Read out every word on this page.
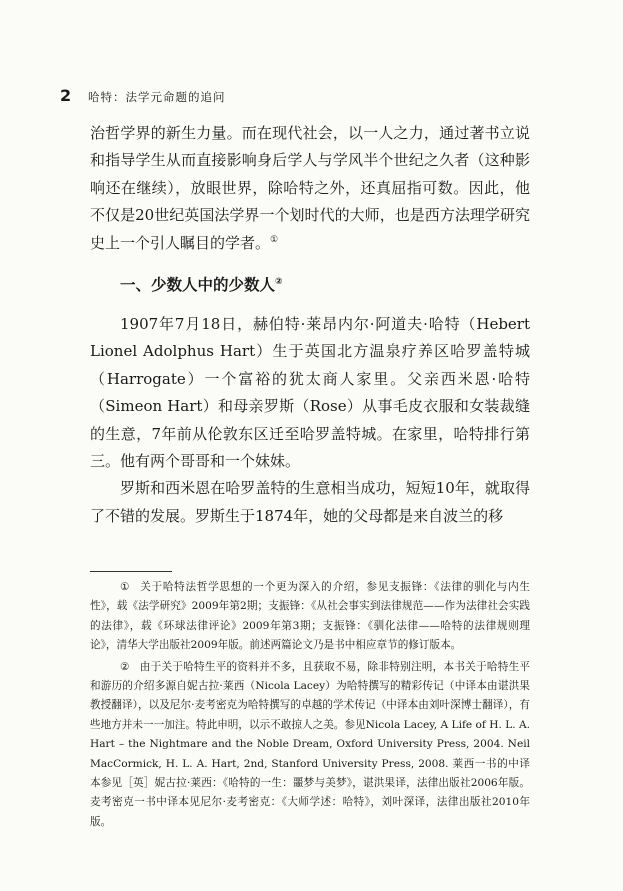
2	哈特：法学元命题的追问

治哲学界的新生力量。而在现代社会，以一人之力，通过著书立说和指导学生从而直接影响身后学人与学风半个世纪之久者（这种影响还在继续），放眼世界，除哈特之外，还真屈指可数。因此，他不仅是20世纪英国法学界一个划时代的大师，也是西方法理学研究史上一个引人瞩目的学者。①

一、少数人中的少数人②

1907年7月18日，赫伯特·莱昂内尔·阿道夫·哈特（Hebert Lionel Adolphus Hart）生于英国北方温泉疗养区哈罗盖特城（Harrogate）一个富裕的犹太商人家里。父亲西米恩·哈特（Simeon Hart）和母亲罗斯（Rose）从事毛皮衣服和女装裁缝的生意，7年前从伦敦东区迁至哈罗盖特城。在家里，哈特排行第三。他有两个哥哥和一个妹妹。

罗斯和西米恩在哈罗盖特的生意相当成功，短短10年，就取得了不错的发展。罗斯生于1874年，她的父母都是来自波兰的移

① 关于哈特法哲学思想的一个更为深入的介绍，参见支振锋：《法律的驯化与内生性》，载《法学研究》2009年第2期；支振锋：《从社会事实到法律规范——作为法律社会实践的法律》，载《环球法律评论》2009年第3期；支振锋：《驯化法律——哈特的法律规则理论》，清华大学出版社2009年版。前述两篇论文乃是书中相应章节的修订版本。

② 由于关于哈特生平的资料并不多，且获取不易，除非特别注明，本书关于哈特生平和游历的介绍多源自妮古拉·莱西（Nicola Lacey）为哈特撰写的精彩传记（中译本由谌洪果教授翻译），以及尼尔·麦考密克为哈特撰写的卓越的学术传记（中译本由刘叶深博士翻译），有些地方并未一一加注。特此申明，以示不敢掠人之美。参见Nicola Lacey, A Life of H. L. A. Hart – the Nightmare and the Noble Dream, Oxford University Press, 2004. Neil MacCormick, H. L. A. Hart, 2nd, Stanford University Press, 2008. 莱西一书的中译本参见［英］妮古拉·莱西：《哈特的一生：噩梦与美梦》，谌洪果译，法律出版社2006年版。麦考密克一书中译本见尼尔·麦考密克：《大师学述：哈特》，刘叶深译，法律出版社2010年版。
